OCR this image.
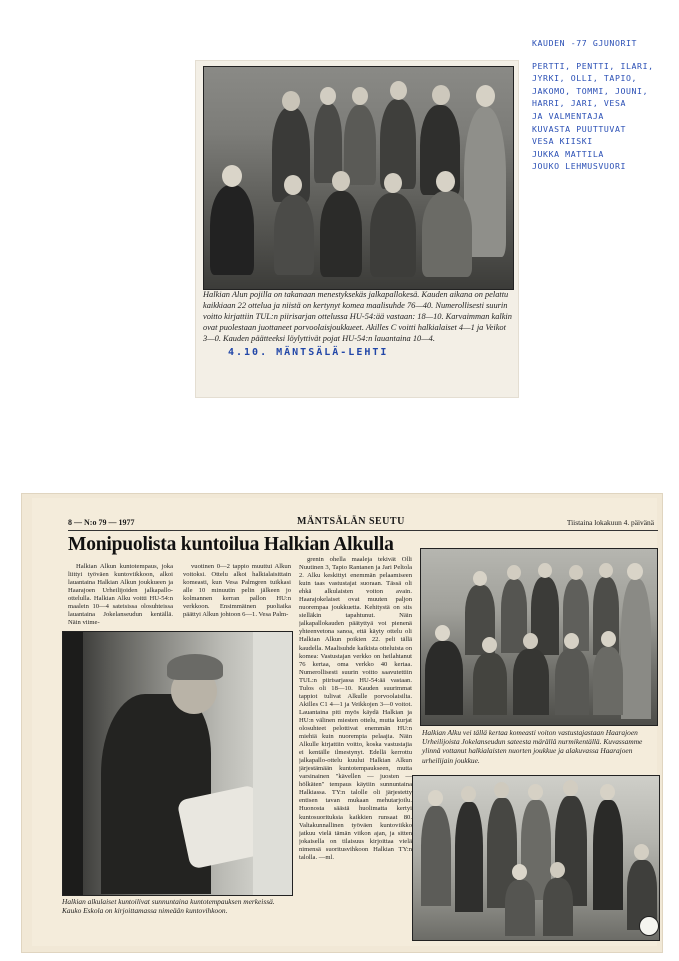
KAUDEN -77 GJUNORIT
PERTTI, PENTTI, ILARI,
JYRKI, OLLI, TAPIO,
JAKOMO, TOMMI, JOUNI,
HARRI, JARI, VESA
JA VALMENTAJA
KUVASTA PUUTTUVAT
VESA KIISKI
JUKKA MATTILA
JOUKO LEHMUSVUORI
Halkian Alun pojilla on takanaan menestyksekäs jalkapallokesä. Kauden aikana on pelattu kaikkiaan 22 ottelua ja niistä on kertynyt komea maalisuhde 76—40. Numerollisesti suurin voitto kirjattiin TUL:n piirisarjan ottelussa HU-54:ää vastaan: 18—10. Karvaimman kalkin ovat puolestaan juottaneet porvoolaisjoukkueet. Akilles C voitti halkialaiset 4—1 ja Veikot 3—0. Kauden päätteeksi löylyttivät pojat HU-54:n lauantaina 10—4.
4.10. MÄNTSÄLÄ-LEHTI
8 — N:o 79 — 1977	MÄNTSÄLÄN SEUTU	Tiistaina lokakuun 4. päivänä
Monipuolista kuntoilua Halkian Alkulla

Halkian Alkun kuntotempaus, joka liittyi työväen kuntoviikkoon, alkoi lauantaina Halkian Alkun joukkueen ja Haarajoen Urheilijoiden jalkapallo-ottelulla. Halkian Alku voitti HU-54:n maalein 10—4 sateisissa olosuhteissa lauantaina Jokelanseudun kentällä. Näin viime-

vuotinen 0—2 tappio muuttui Alkun voitoksi. Ottelu alkoi halkialaisittain komeasti, kun Vesa Palmgren tuikkasi alle 10 minuutin pelin jälkeen jo kolmannen kerran pallon HU:n verkkoon. Ensimmäinen puoliaika päättyi Alkun johtoon 6—1. Vesa Palm-

grenin ohella maaleja tekivät Olli Nuutinen 3, Tapio Rantanen ja Jari Peltola 2. Alku keskittyi enemmän pelaamiseen kuin taas vastustajat suoraan. Tässä oli ehkä alkulaisten voiton avain. Haarajokelaiset ovat muuten paljon nuorempaa joukkuetta. Kehitystä on siis sielläkin tapahtunut. Näin jalkapallokauden päätyttyä voi pienenä yhteenvetona sanoa, että käyty ottelu oli Halkian Alkun poikien 22. peli tällä kaudella. Maalisuhde kaikista otteluista on komea: Vastustajan verkko on heilahtanut 76 kertaa, oma verkko 40 kertaa. Numerollisesti suurin voitto saavutettiin TUL:n piirisarjassa HU-54:ää vastaan. Tulos oli 18—10. Kauden suurimmat tappiot tulivat Alkulle porvoolaisilta. Akilles C1 4—1 ja Veikkojen 3—0 voitot. Lauantaina piti myös käydä Halkian ja HU:n välinen miesten ottelu, mutta kurjat olosuhteet pelottivat enemmän HU:n miehiä kuin nuorempia pelaajia. Näin Alkulle kirjattiin voitto, koska vastustajia ei kentälle ilmestynyt. Edellä kerrottu jalkapallo-ottelu kuului Halkian Alkun järjestämään kuntotempaukseen, mutta varsinainen "kävellen — juosten — hölkäten" tempaus käytiin sunnuntaina Halkiassa. TY:n talolle oli järjestetty entisen tavan mukaan mehutarjoilu. Huonosta säästä huolimatta kertyi kuntosuorituksia kaikkien runsaat 80. Valtakunnallinen työväen kuntoviikko jatkuu vielä tämän viikon ajan, ja sitten jokaisella on tilaisuus kirjoittaa vielä nimensä suoritusvihkoon Halkian TY:n talolla. —ml.

Halkian alkulaiset kuntoilivat sunnuntaina kuntotempauksen merkeissä. Kauko Eskola on kirjoittamassa nimeään kuntovihkoon.
Halkian Alku vei tällä kertaa komeasti voiton vastustajastaan Haarajoen Urheilijoista Jokelanseudun sateesta märällä nurmikentällä. Kuvassamme ylinnä vottanut halkialaisten nuorten joukkue ja alakuvassa Haarajoen urheilijain joukkue.
